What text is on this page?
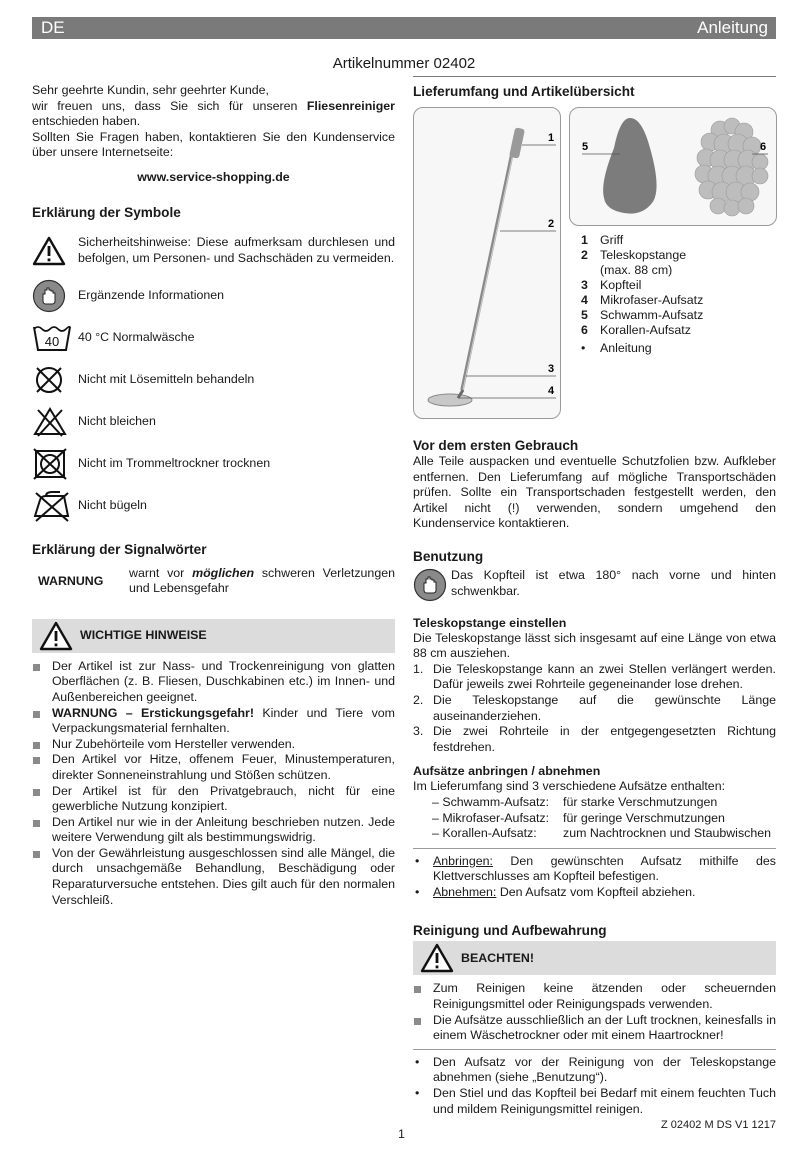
DE	Anleitung
Artikelnummer 02402

Sehr geehrte Kundin, sehr geehrter Kunde,

wir freuen uns, dass Sie sich für unseren Fliesenreiniger entschieden haben.

Sollten Sie Fragen haben, kontaktieren Sie den Kundenservice über unsere Internetseite:

www.service-shopping.de

Erklärung der Symbole
Sicherheitshinweise: Diese aufmerksam durchlesen und befolgen, um Personen- und Sachschäden zu vermeiden.
Ergänzende Informationen
40 40 °C Normalwäsche
Nicht mit Lösemitteln behandeln
Nicht bleichen
Nicht im Trommeltrockner trocknen
Nicht bügeln
Erklärung der Signalwörter
WARNUNG
warnt vor möglichen schweren Verletzungen und Lebensgefahr
WICHTIGE HINWEISE
Der Artikel ist zur Nass- und Trockenreinigung von glatten Oberflächen (z. B. Fliesen, Duschkabinen etc.) im Innen- und Außenbereichen geeignet.
WARNUNG – Erstickungsgefahr! Kinder und Tiere vom Verpackungsmaterial fernhalten.
Nur Zubehörteile vom Hersteller verwenden.
Den Artikel vor Hitze, offenem Feuer, Minustemperaturen, direkter Sonneneinstrahlung und Stößen schützen.
Der Artikel ist für den Privatgebrauch, nicht für eine gewerbliche Nutzung konzipiert.
Den Artikel nur wie in der Anleitung beschrieben nutzen. Jede weitere Verwendung gilt als bestimmungswidrig.
Von der Gewährleistung ausgeschlossen sind alle Mängel, die durch unsachgemäße Behandlung, Beschädigung oder Reparaturversuche entstehen. Dies gilt auch für den normalen Verschleiß.
Lieferumfang und Artikelübersicht
1
2
3
4
5	6
1 Griff
2 Teleskopstange
(max. 88 cm)
3 Kopfteil
4 Mikrofaser-Aufsatz
5 Schwamm-Aufsatz
6 Korallen-Aufsatz
•	Anleitung
Vor dem ersten Gebrauch

Alle Teile auspacken und eventuelle Schutzfolien bzw. Aufkleber entfernen. Den Lieferumfang auf mögliche Transportschäden prüfen. Sollte ein Transportschaden festgestellt werden, den Artikel nicht (!) verwenden, sondern umgehend den Kundenservice kontaktieren.

Benutzung

Das Kopfteil ist etwa 180° nach vorne und hinten schwenkbar.

Teleskopstange einstellen

Die Teleskopstange lässt sich insgesamt auf eine Länge von etwa 88 cm ausziehen.

1. Die Teleskopstange kann an zwei Stellen verlängert werden. Dafür jeweils zwei Rohrteile gegeneinander lose drehen.
2. Die Teleskopstange auf die gewünschte Länge auseinanderziehen.
3. Die zwei Rohrteile in der entgegengesetzten Richtung festdrehen.
Aufsätze anbringen / abnehmen

Im Lieferumfang sind 3 verschiedene Aufsätze enthalten:

– Schwamm-Aufsatz:	für starke Verschmutzungen
– Mikrofaser-Aufsatz:	für geringe Verschmutzungen
– Korallen-Aufsatz:	zum Nachtrocknen und Staubwischen
• Anbringen: Den gewünschten Aufsatz mithilfe des Klettverschlusses am Kopfteil befestigen.
• Abnehmen: Den Aufsatz vom Kopfteil abziehen.
Reinigung und Aufbewahrung
BEACHTEN!
Zum Reinigen keine ätzenden oder scheuernden Reinigungsmittel oder Reinigungspads verwenden.
Die Aufsätze ausschließlich an der Luft trocknen, keinesfalls in einem Wäschetrockner oder mit einem Haartrockner!
• Den Aufsatz vor der Reinigung von der Teleskopstange abnehmen (siehe „Benutzung“).
• Den Stiel und das Kopfteil bei Bedarf mit einem feuchten Tuch und mildem Reinigungsmittel reinigen.
Z 02402 M DS V1 1217
1
